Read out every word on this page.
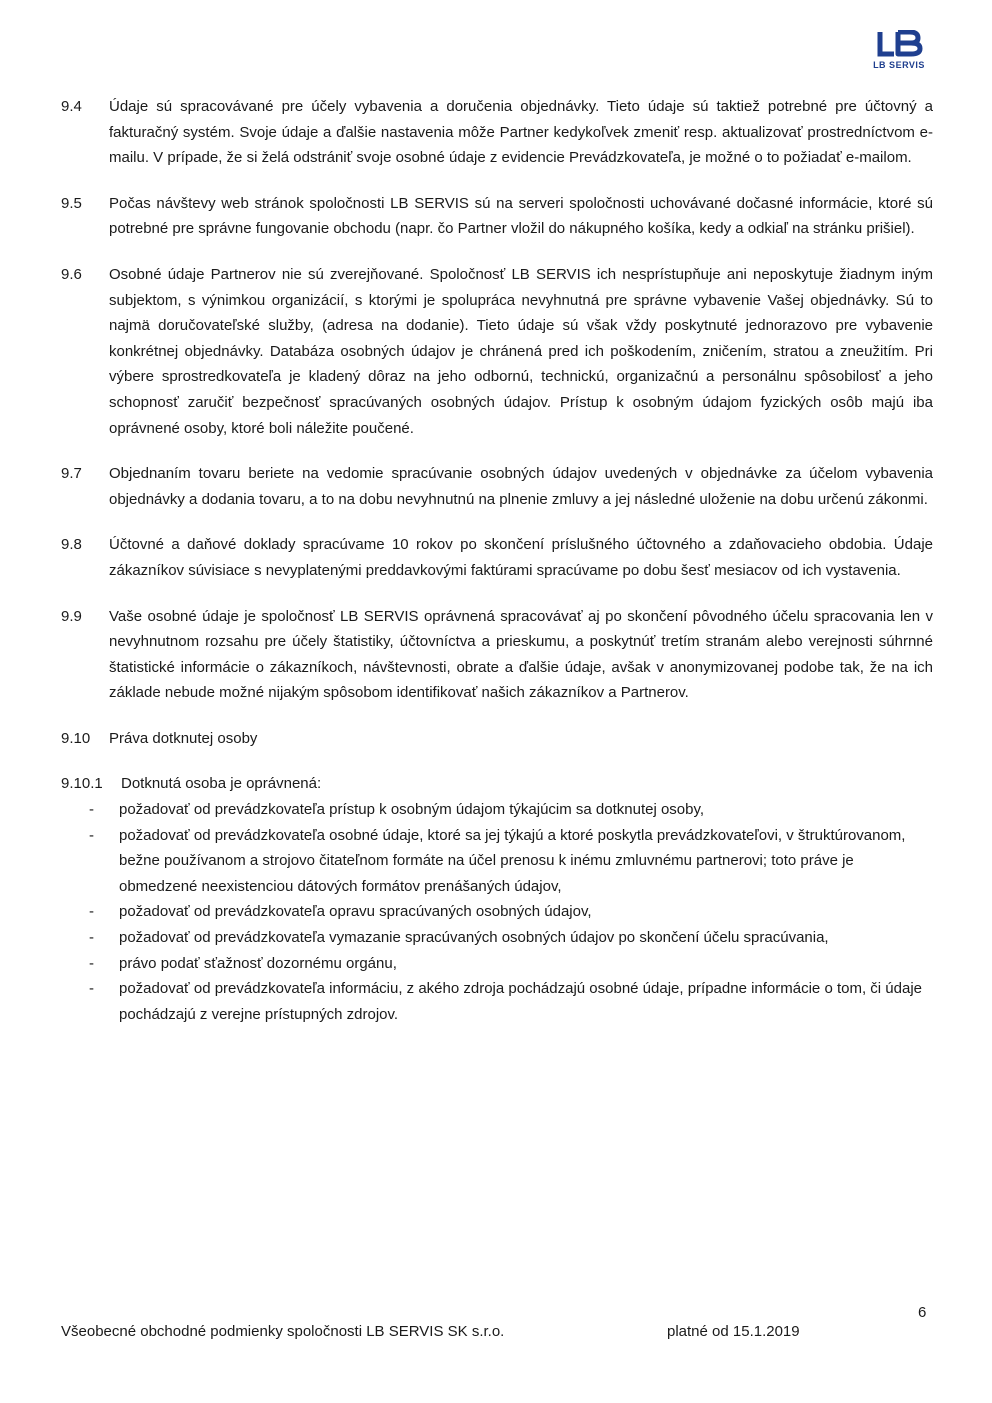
LB SERVIS
9.4	Údaje sú spracovávané pre účely vybavenia a doručenia objednávky. Tieto údaje sú taktiež potrebné pre účtovný a fakturačný systém. Svoje údaje a ďalšie nastavenia môže Partner kedykoľvek zmeniť resp. aktualizovať prostredníctvom e-mailu. V prípade, že si želá odstrániť svoje osobné údaje z evidencie Prevádzkovateľa, je možné o to požiadať e-mailom.
9.5	Počas návštevy web stránok spoločnosti LB SERVIS sú na serveri spoločnosti uchovávané dočasné informácie, ktoré sú potrebné pre správne fungovanie obchodu (napr. čo Partner vložil do nákupného košíka, kedy a odkiaľ na stránku prišiel).
9.6	Osobné údaje Partnerov nie sú zverejňované. Spoločnosť LB SERVIS ich nesprístupňuje ani neposkytuje žiadnym iným subjektom, s výnimkou organizácií, s ktorými je spolupráca nevyhnutná pre správne vybavenie Vašej objednávky. Sú to najmä doručovateľské služby, (adresa na dodanie). Tieto údaje sú však vždy poskytnuté jednorazovo pre vybavenie konkrétnej objednávky. Databáza osobných údajov je chránená pred ich poškodením, zničením, stratou a zneužitím. Pri výbere sprostredkovateľa je kladený dôraz na jeho odbornú, technickú, organizačnú a personálnu spôsobilosť a jeho schopnosť zaručiť bezpečnosť spracúvaných osobných údajov. Prístup k osobným údajom fyzických osôb majú iba oprávnené osoby, ktoré boli náležite poučené.
9.7	Objednaním tovaru beriete na vedomie spracúvanie osobných údajov uvedených v objednávke za účelom vybavenia objednávky a dodania tovaru, a to na dobu nevyhnutnú na plnenie zmluvy a jej následné uloženie na dobu určenú zákonmi.
9.8	Účtovné a daňové doklady spracúvame 10 rokov po skončení príslušného účtovného a zdaňovacieho obdobia. Údaje zákazníkov súvisiace s nevyplatenými preddavkovými faktúrami spracúvame po dobu šesť mesiacov od ich vystavenia.
9.9	Vaše osobné údaje je spoločnosť LB SERVIS oprávnená spracovávať aj po skončení pôvodného účelu spracovania len v nevyhnutnom rozsahu pre účely štatistiky, účtovníctva a prieskumu, a poskytnúť tretím stranám alebo verejnosti súhrnné štatistické informácie o zákazníkoch, návštevnosti, obrate a ďalšie údaje, avšak v anonymizovanej podobe tak, že na ich základe nebude možné nijakým spôsobom identifikovať našich zákazníkov a Partnerov.
9.10	Práva dotknutej osoby
9.10.1	Dotknutá osoba je oprávnená:
-	požadovať od prevádzkovateľa prístup k osobným údajom týkajúcim sa dotknutej osoby,
-	požadovať od prevádzkovateľa osobné údaje, ktoré sa jej týkajú a ktoré poskytla prevádzkovateľovi, v štruktúrovanom, bežne používanom a strojovo čitateľnom formáte na účel prenosu k inému zmluvnému partnerovi; toto práve je obmedzené neexistenciou dátových formátov prenášaných údajov,
-	požadovať od prevádzkovateľa opravu spracúvaných osobných údajov,
-	požadovať od prevádzkovateľa vymazanie spracúvaných osobných údajov po skončení účelu spracúvania,
-	právo podať sťažnosť dozornému orgánu,
-	požadovať od prevádzkovateľa informáciu, z akého zdroja pochádzajú osobné údaje, prípadne informácie o tom, či údaje pochádzajú z verejne prístupných zdrojov.
6
Všeobecné obchodné podmienky spoločnosti LB SERVIS SK s.r.o.	platné od 15.1.2019
